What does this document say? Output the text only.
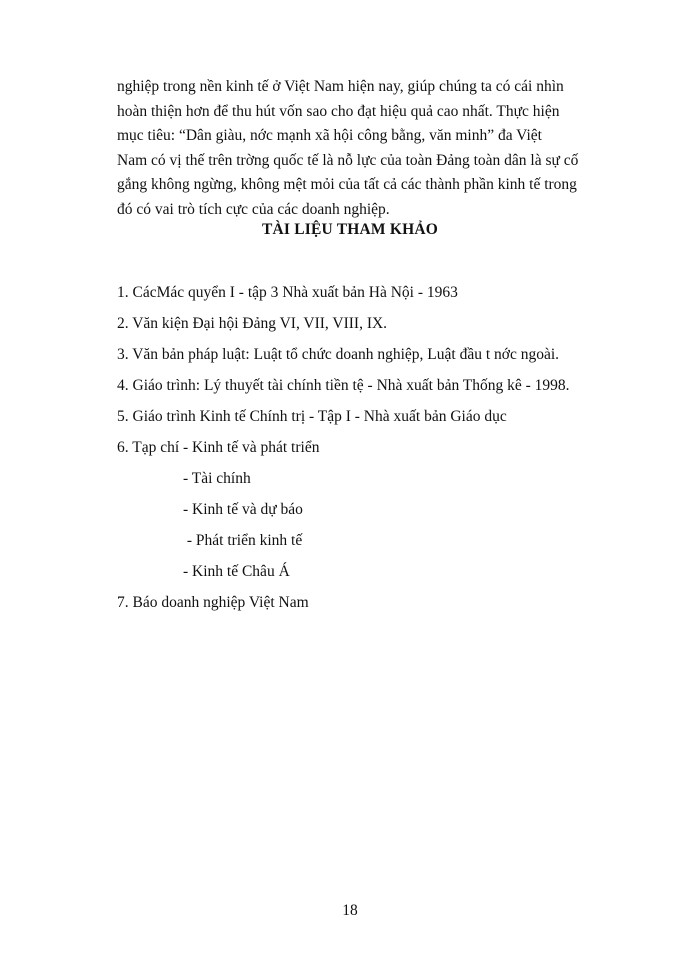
nghiệp trong nền kinh tế ở Việt Nam hiện nay, giúp chúng ta có cái nhìn
hoàn thiện hơn để thu hút vốn sao cho đạt hiệu quả cao nhất. Thực hiện
mục tiêu: “Dân giàu, nớc mạnh xã hội công bằng, văn minh” đa Việt
Nam có vị thế trên trờng quốc tế là nỗ lực của toàn Đảng toàn dân là sự cố
gắng không ngừng, không mệt mỏi của tất cả các thành phần kinh tế trong
đó có vai trò tích cực của các doanh nghiệp.
TÀI LIỆU THAM KHẢO
1. CácMác quyển I - tập 3 Nhà xuất bản Hà Nội - 1963
2. Văn kiện Đại hội Đảng VI, VII, VIII, IX.
3. Văn bản pháp luật: Luật tổ chức doanh nghiệp, Luật đầu t nớc ngoài.
4. Giáo trình: Lý thuyết tài chính tiền tệ - Nhà xuất bản Thống kê - 1998.
5. Giáo trình Kinh tế Chính trị - Tập I - Nhà xuất bản Giáo dục
6. Tạp chí - Kinh tế và phát triển
- Tài chính
- Kinh tế và dự báo
- Phát triển kinh tế
- Kinh tế Châu Á
7. Báo doanh nghiệp Việt Nam
18
